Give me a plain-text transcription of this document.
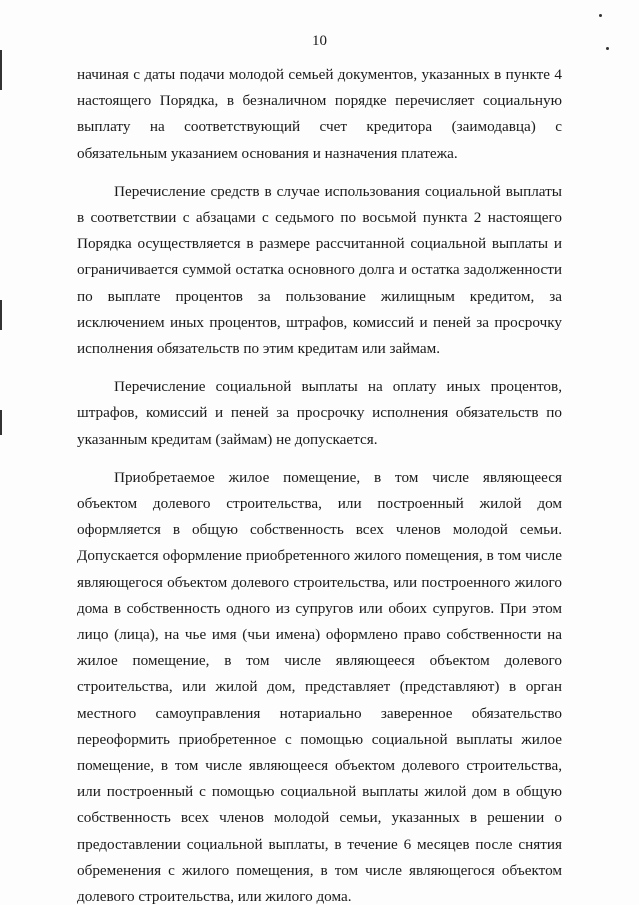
10

начиная с даты подачи молодой семьей документов, указанных в пункте 4 настоящего Порядка, в безналичном порядке перечисляет социальную выплату на соответствующий счет кредитора (заимодавца) с обязательным указанием основания и назначения платежа.

Перечисление средств в случае использования социальной выплаты в соответствии с абзацами с седьмого по восьмой пункта 2 настоящего Порядка осуществляется в размере рассчитанной социальной выплаты и ограничивается суммой остатка основного долга и остатка задолженности по выплате процентов за пользование жилищным кредитом, за исключением иных процентов, штрафов, комиссий и пеней за просрочку исполнения обязательств по этим кредитам или займам.

Перечисление социальной выплаты на оплату иных процентов, штрафов, комиссий и пеней за просрочку исполнения обязательств по указанным кредитам (займам) не допускается.

Приобретаемое жилое помещение, в том числе являющееся объектом долевого строительства, или построенный жилой дом оформляется в общую собственность всех членов молодой семьи. Допускается оформление приобретенного жилого помещения, в том числе являющегося объектом долевого строительства, или построенного жилого дома в собственность одного из супругов или обоих супругов. При этом лицо (лица), на чье имя (чьи имена) оформлено право собственности на жилое помещение, в том числе являющееся объектом долевого строительства, или жилой дом, представляет (представляют) в орган местного самоуправления нотариально заверенное обязательство переоформить приобретенное с помощью социальной выплаты жилое помещение, в том числе являющееся объектом долевого строительства, или построенный с помощью социальной выплаты жилой дом в общую собственность всех членов молодой семьи, указанных в решении о предоставлении социальной выплаты, в течение 6 месяцев после снятия обременения с жилого помещения, в том числе являющегося объектом долевого строительства, или жилого дома.
